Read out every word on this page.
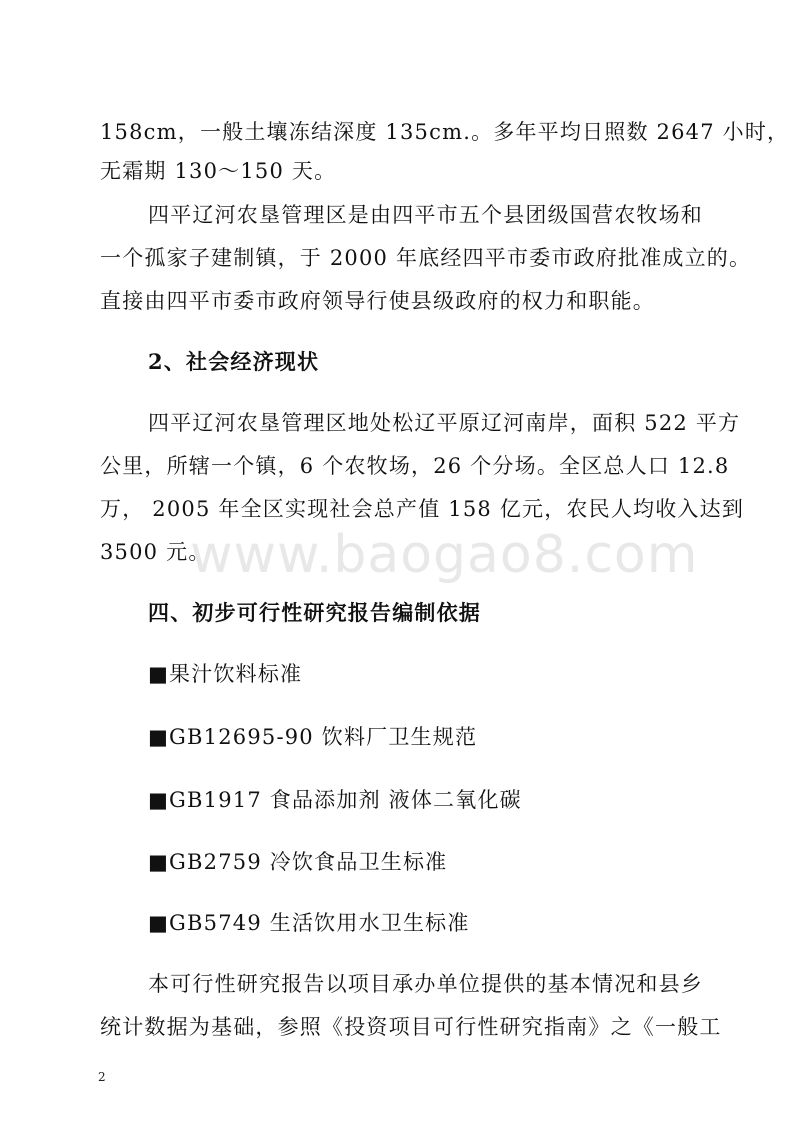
www.baogao8.com
158cm，一般土壤冻结深度 135cm.。多年平均日照数 2647 小时，
无霜期 130～150 天。
四平辽河农垦管理区是由四平市五个县团级国营农牧场和
一个孤家子建制镇，于 2000 年底经四平市委市政府批准成立的。
直接由四平市委市政府领导行使县级政府的权力和职能。
2、社会经济现状
四平辽河农垦管理区地处松辽平原辽河南岸，面积 522 平方
公里，所辖一个镇，6 个农牧场，26 个分场。全区总人口 12.8
万， 2005 年全区实现社会总产值 158 亿元，农民人均收入达到
3500 元。
四、初步可行性研究报告编制依据
■果汁饮料标准
■GB12695-90 饮料厂卫生规范
■GB1917 食品添加剂 液体二氧化碳
■GB2759 冷饮食品卫生标准
■GB5749 生活饮用水卫生标准
本可行性研究报告以项目承办单位提供的基本情况和县乡
统计数据为基础，参照《投资项目可行性研究指南》之《一般工
2
